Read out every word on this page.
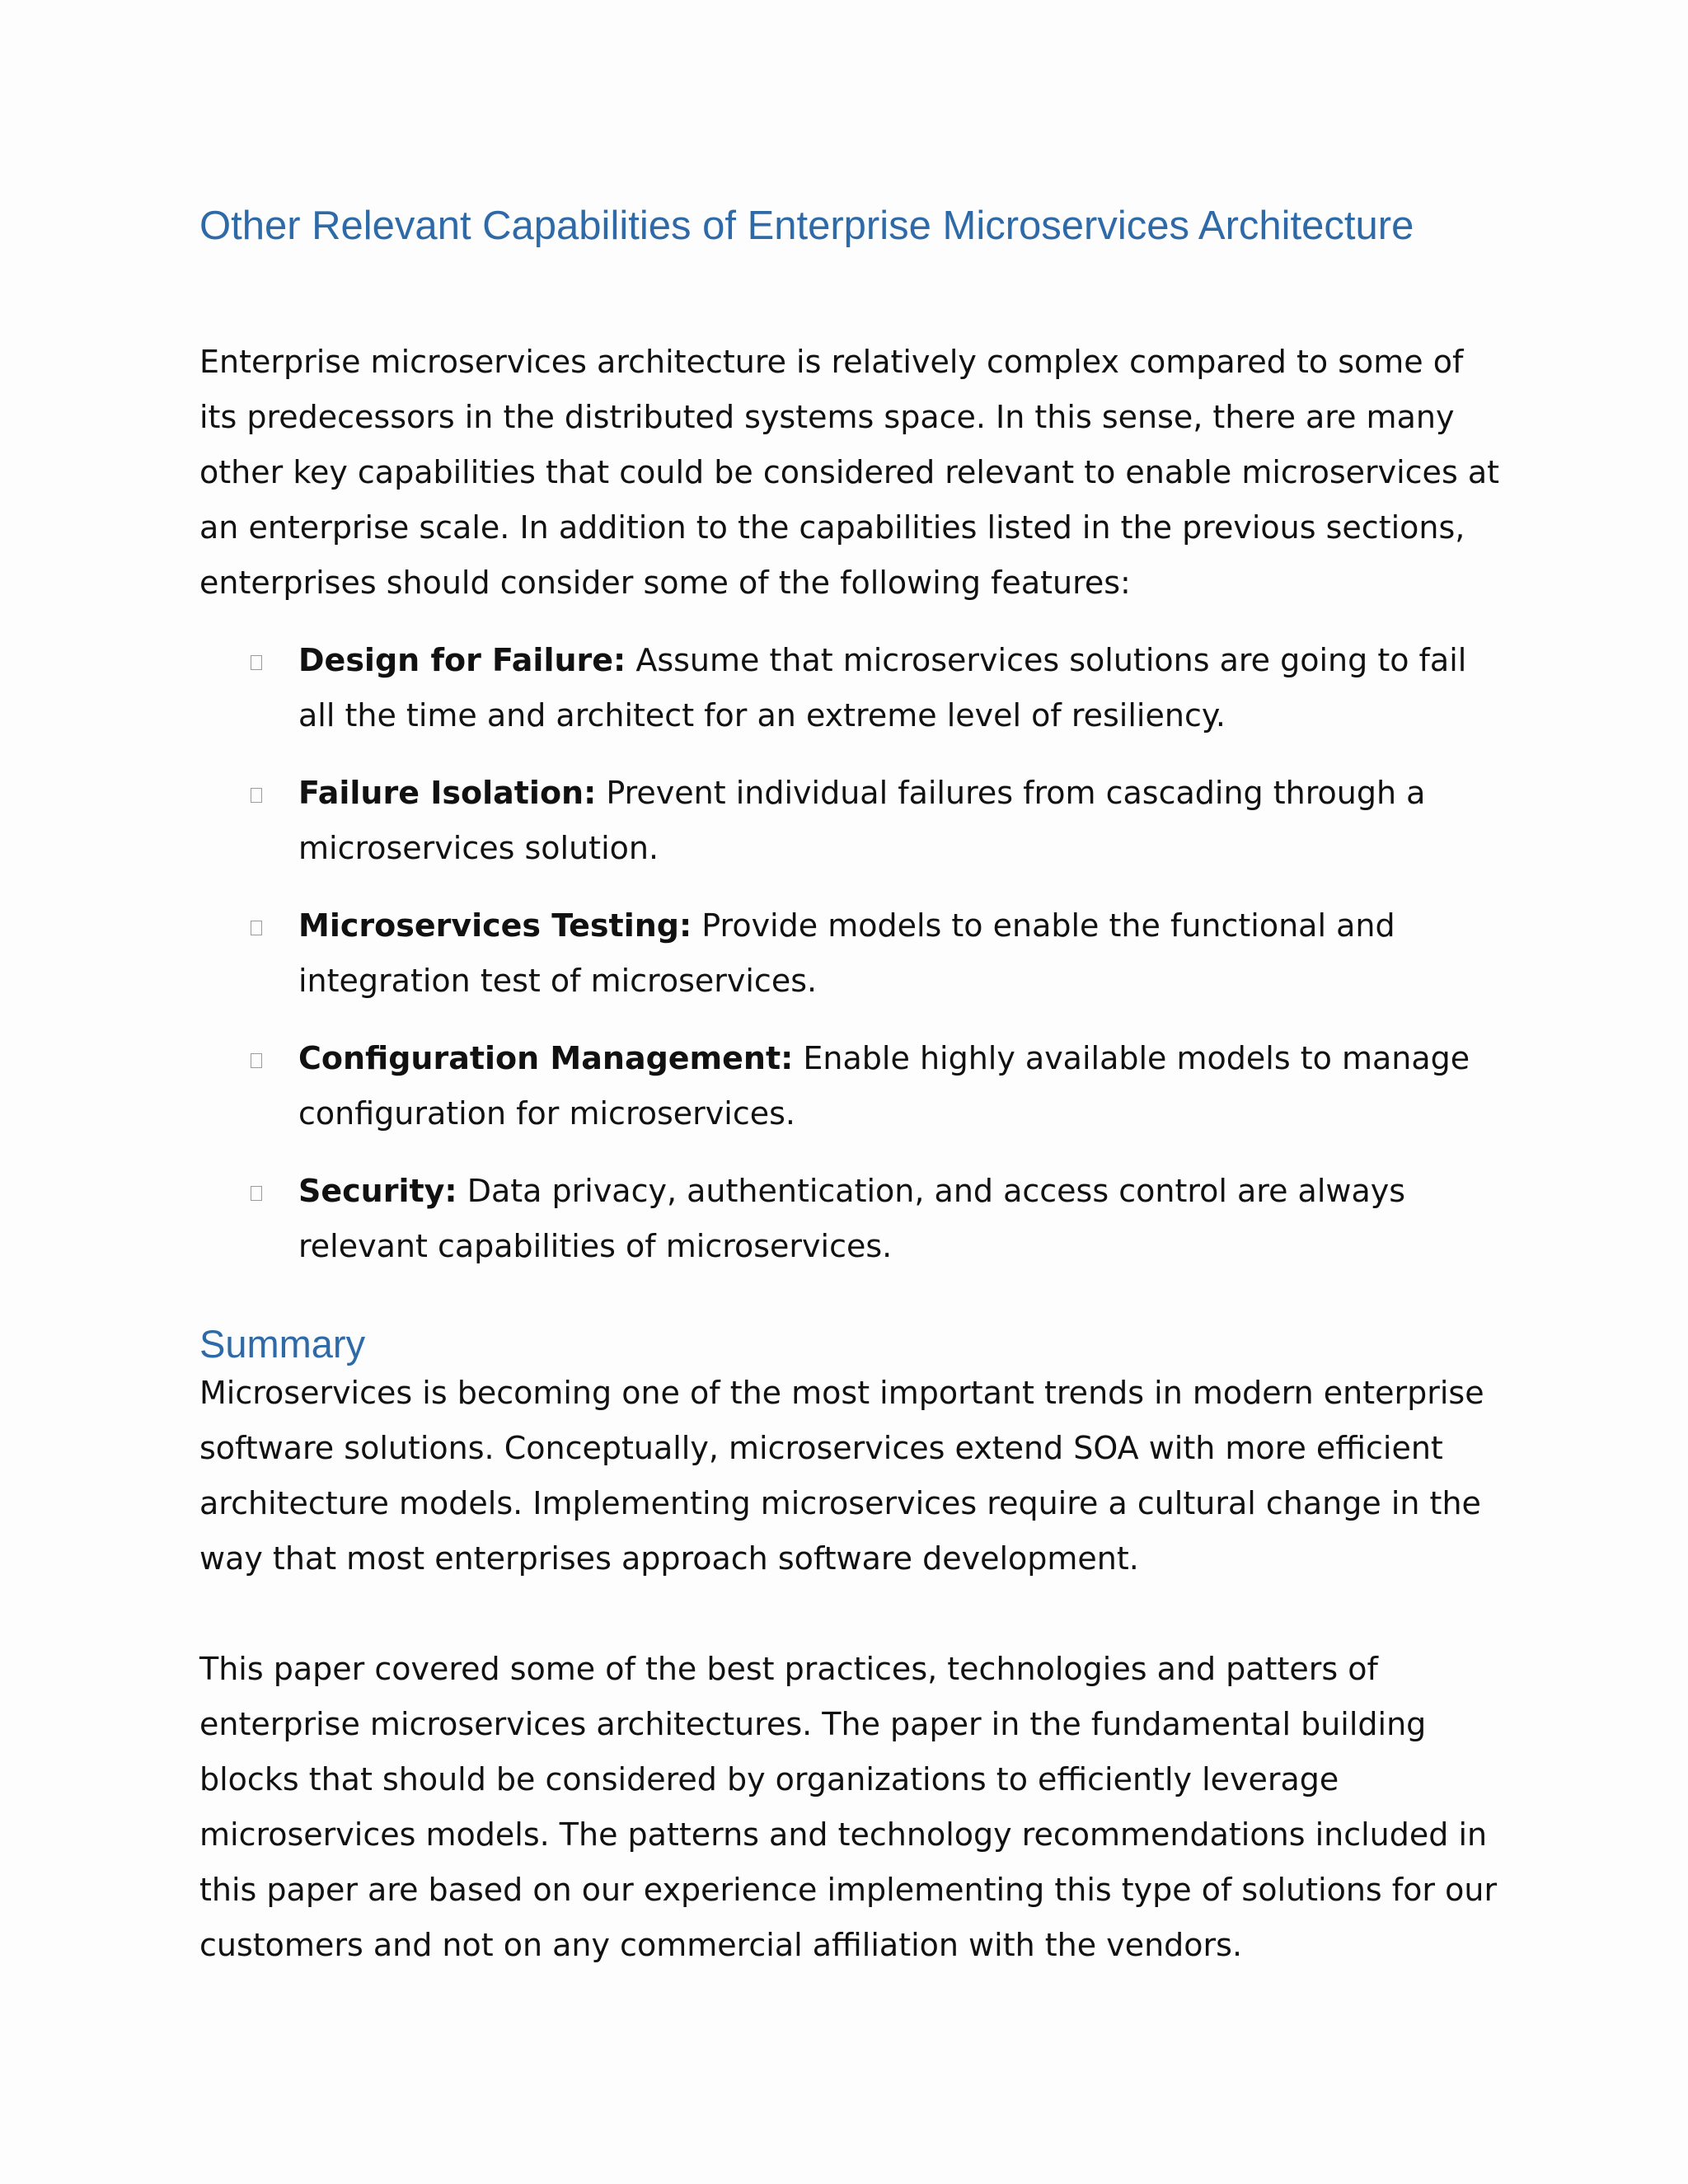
Other Relevant Capabilities of Enterprise Microservices Architecture

Enterprise microservices architecture is relatively complex compared to some of its predecessors in the distributed systems space. In this sense, there are many other key capabilities that could be considered relevant to enable microservices at an enterprise scale. In addition to the capabilities listed in the previous sections, enterprises should consider some of the following features:

Design for Failure: Assume that microservices solutions are going to fail all the time and architect for an extreme level of resiliency.

Failure Isolation: Prevent individual failures from cascading through a microservices solution.

Microservices Testing: Provide models to enable the functional and integration test of microservices.

Configuration Management: Enable highly available models to manage configuration for microservices.

Security: Data privacy, authentication, and access control are always relevant capabilities of microservices.

Summary

Microservices is becoming one of the most important trends in modern enterprise software solutions. Conceptually, microservices extend SOA with more efficient architecture models. Implementing microservices require a cultural change in the way that most enterprises approach software development.

This paper covered some of the best practices, technologies and patters of enterprise microservices architectures. The paper in the fundamental building blocks that should be considered by organizations to efficiently leverage microservices models. The patterns and technology recommendations included in this paper are based on our experience implementing this type of solutions for our customers and not on any commercial affiliation with the vendors.
